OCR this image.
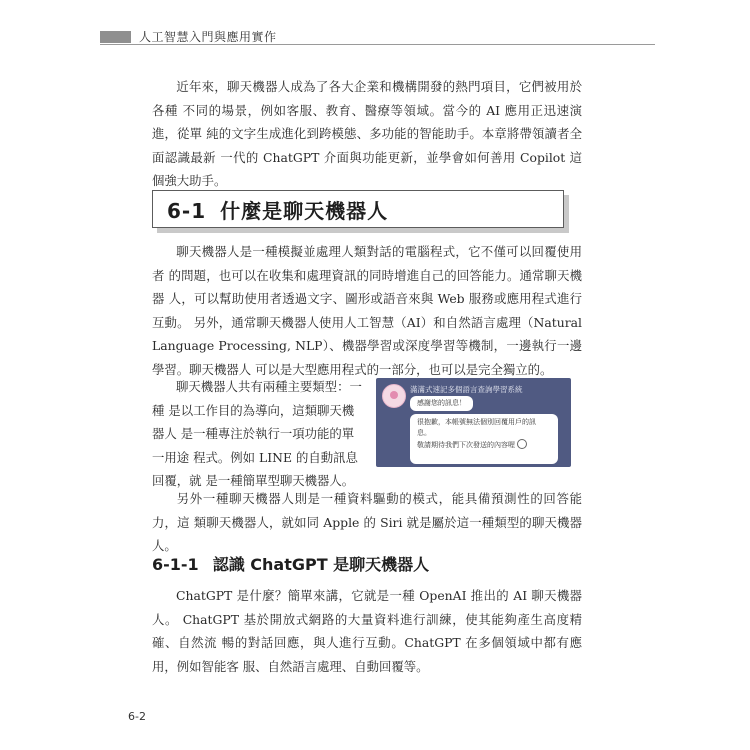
人工智慧入門與應用實作

近年來，聊天機器人成為了各大企業和機構開發的熱門項目，它們被用於各種 不同的場景，例如客服、教育、醫療等領域。當今的 AI 應用正迅速演進，從單 純的文字生成進化到跨模態、多功能的智能助手。本章將帶領讀者全面認識最新 一代的 ChatGPT 介面與功能更新，並學會如何善用 Copilot 這個強大助手。

6-1 什麼是聊天機器人

聊天機器人是一種模擬並處理人類對話的電腦程式，它不僅可以回覆使用者 的問題，也可以在收集和處理資訊的同時增進自己的回答能力。通常聊天機器 人，可以幫助使用者透過文字、圖形或語音來與 Web 服務或應用程式進行互動。 另外，通常聊天機器人使用人工智慧（AI）和自然語言處理（Natural Language Processing, NLP）、機器學習或深度學習等機制，一邊執行一邊學習。聊天機器人 可以是大型應用程式的一部分，也可以是完全獨立的。

聊天機器人共有兩種主要類型：一種 是以工作目的為導向，這類聊天機器人 是一種專注於執行一項功能的單一用途 程式。例如 LINE 的自動訊息回覆，就 是一種簡單型聊天機器人。

滿滿式速記多個語言查詢學習系統
感謝您的訊息！
很抱歉，本帳號無法個別回覆用戶的訊
息。
敬請期待我們下次發送的內容喔

另外一種聊天機器人則是一種資料驅動的模式，能具備預測性的回答能力，這 類聊天機器人，就如同 Apple 的 Siri 就是屬於這一種類型的聊天機器人。

6-1-1 認識 ChatGPT 是聊天機器人

ChatGPT 是什麼？簡單來講，它就是一種 OpenAI 推出的 AI 聊天機器人。 ChatGPT 基於開放式網路的大量資料進行訓練，使其能夠產生高度精確、自然流 暢的對話回應，與人進行互動。ChatGPT 在多個領域中都有應用，例如智能客 服、自然語言處理、自動回覆等。

6-2
